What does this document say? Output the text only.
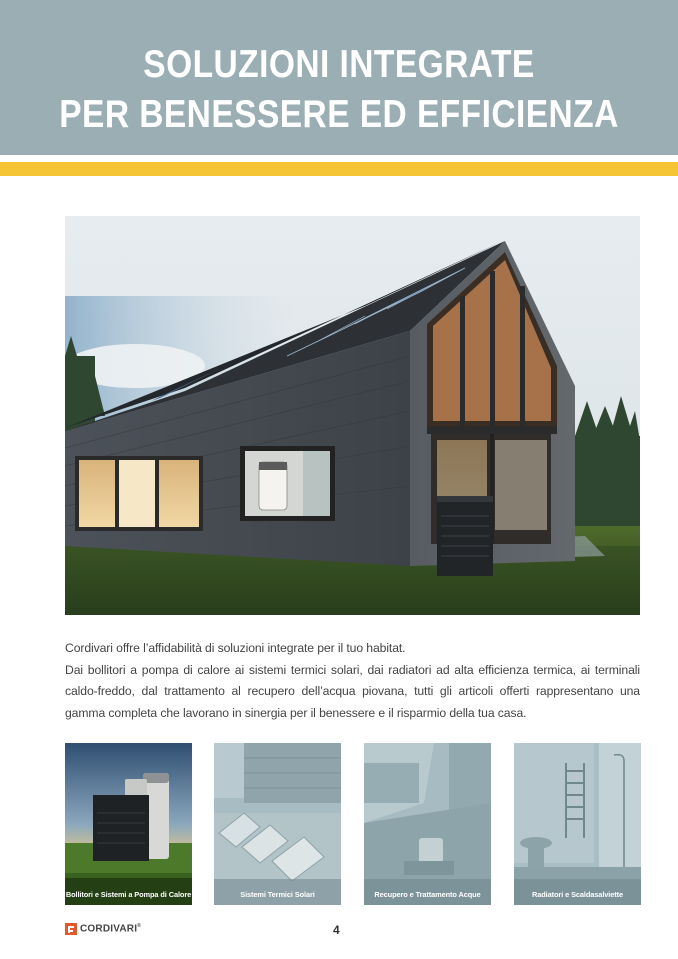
SOLUZIONI INTEGRATE
PER BENESSERE ED EFFICIENZA

Cordivari offre l’affidabilità di soluzioni integrate per il tuo habitat.

Dai bollitori a pompa di calore ai sistemi termici solari, dai radiatori ad alta efficienza termica, ai terminali caldo-freddo, dal trattamento al recupero dell’acqua piovana, tutti gli articoli offerti rappresentano una gamma completa che lavorano in sinergia per il benessere e il risparmio della tua casa.

Bollitori e Sistemi a Pompa di Calore	Sistemi Termici Solari	Recupero e Trattamento Acque	Radiatori e Scaldasalviette
CORDIVARI®	4
